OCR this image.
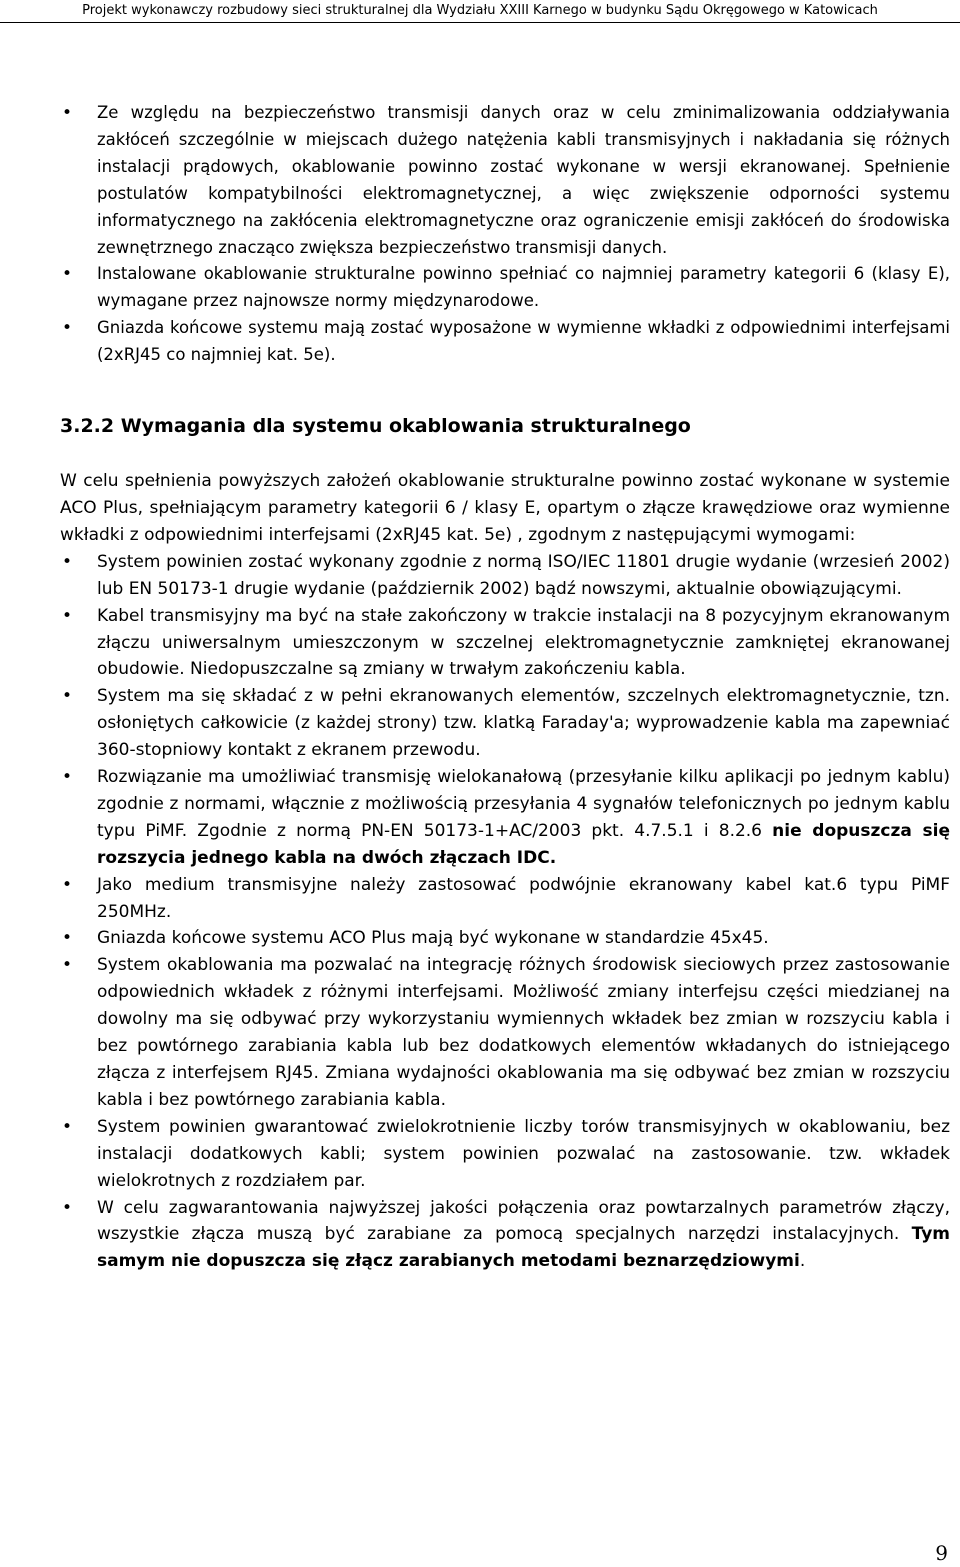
Projekt wykonawczy rozbudowy sieci strukturalnej dla Wydziału XXIII Karnego w budynku Sądu Okręgowego w Katowicach
• Ze względu na bezpieczeństwo transmisji danych oraz w celu zminimalizowania oddziaływania zakłóceń szczególnie w miejscach dużego natężenia kabli transmisyjnych i nakładania się różnych instalacji prądowych, okablowanie powinno zostać wykonane w wersji ekranowanej. Spełnienie postulatów kompatybilności elektromagnetycznej, a więc zwiększenie odporności systemu informatycznego na zakłócenia elektromagnetyczne oraz ograniczenie emisji zakłóceń do środowiska zewnętrznego znacząco zwiększa bezpieczeństwo transmisji danych.
• Instalowane okablowanie strukturalne powinno spełniać co najmniej parametry kategorii 6 (klasy E), wymagane przez najnowsze normy międzynarodowe.
• Gniazda końcowe systemu mają zostać wyposażone w wymienne wkładki z odpowiednimi interfejsami (2xRJ45 co najmniej kat. 5e).
3.2.2 Wymagania dla systemu okablowania strukturalnego
W celu spełnienia powyższych założeń okablowanie strukturalne powinno zostać wykonane w systemie ACO Plus, spełniającym parametry kategorii 6 / klasy E, opartym o złącze krawędziowe oraz wymienne wkładki z odpowiednimi interfejsami (2xRJ45 kat. 5e) , zgodnym z następującymi wymogami:
• System powinien zostać wykonany zgodnie z normą ISO/IEC 11801 drugie wydanie (wrzesień 2002) lub EN 50173-1 drugie wydanie (październik 2002) bądź nowszymi, aktualnie obowiązującymi.
• Kabel transmisyjny ma być na stałe zakończony w trakcie instalacji na 8 pozycyjnym ekranowanym złączu uniwersalnym umieszczonym w szczelnej elektromagnetycznie zamkniętej ekranowanej obudowie. Niedopuszczalne są zmiany w trwałym zakończeniu kabla.
• System ma się składać z w pełni ekranowanych elementów, szczelnych elektromagnetycznie, tzn. osłoniętych całkowicie (z każdej strony) tzw. klatką Faraday'a; wyprowadzenie kabla ma zapewniać 360-stopniowy kontakt z ekranem przewodu.
• Rozwiązanie ma umożliwiać transmisję wielokanałową (przesyłanie kilku aplikacji po jednym kablu) zgodnie z normami, włącznie z możliwością przesyłania 4 sygnałów telefonicznych po jednym kablu typu PiMF. Zgodnie z normą PN-EN 50173-1+AC/2003 pkt. 4.7.5.1 i 8.2.6 nie dopuszcza się rozszycia jednego kabla na dwóch złączach IDC.
• Jako medium transmisyjne należy zastosować podwójnie ekranowany kabel kat.6 typu PiMF 250MHz.
• Gniazda końcowe systemu ACO Plus mają być wykonane w standardzie 45x45.
• System okablowania ma pozwalać na integrację różnych środowisk sieciowych przez zastosowanie odpowiednich wkładek z różnymi interfejsami. Możliwość zmiany interfejsu części miedzianej na dowolny ma się odbywać przy wykorzystaniu wymiennych wkładek bez zmian w rozszyciu kabla i bez powtórnego zarabiania kabla lub bez dodatkowych elementów wkładanych do istniejącego złącza z interfejsem RJ45. Zmiana wydajności okablowania ma się odbywać bez zmian w rozszyciu kabla i bez powtórnego zarabiania kabla.
• System powinien gwarantować zwielokrotnienie liczby torów transmisyjnych w okablowaniu, bez instalacji dodatkowych kabli; system powinien pozwalać na zastosowanie. tzw. wkładek wielokrotnych z rozdziałem par.
• W celu zagwarantowania najwyższej jakości połączenia oraz powtarzalnych parametrów złączy, wszystkie złącza muszą być zarabiane za pomocą specjalnych narzędzi instalacyjnych. Tym samym nie dopuszcza się złącz zarabianych metodami beznarzędziowymi.
9
